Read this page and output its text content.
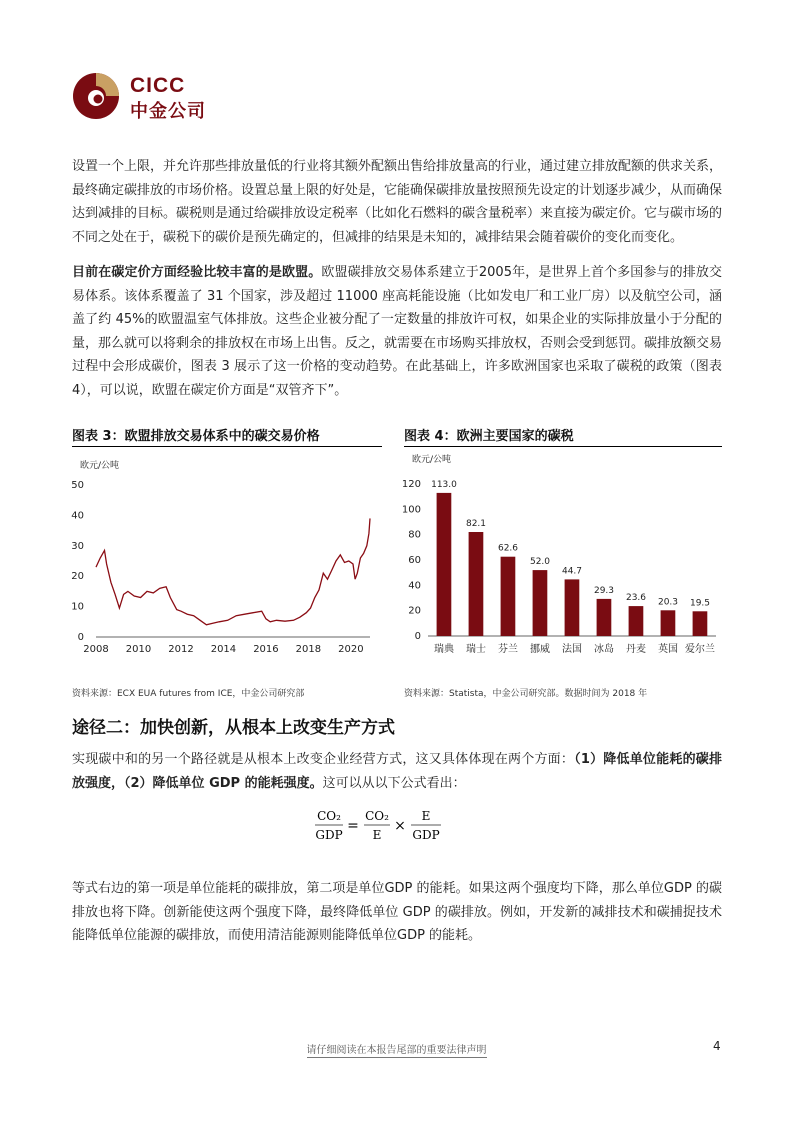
CICC
中金公司

设置一个上限，并允许那些排放量低的行业将其额外配额出售给排放量高的行业，通过建立排放配额的供求关系，最终确定碳排放的市场价格。设置总量上限的好处是，它能确保碳排放量按照预先设定的计划逐步减少，从而确保达到减排的目标。碳税则是通过给碳排放设定税率（比如化石燃料的碳含量税率）来直接为碳定价。它与碳市场的不同之处在于，碳税下的碳价是预先确定的，但减排的结果是未知的，减排结果会随着碳价的变化而变化。

目前在碳定价方面经验比较丰富的是欧盟。欧盟碳排放交易体系建立于2005年，是世界上首个多国参与的排放交易体系。该体系覆盖了 31 个国家，涉及超过 11000 座高耗能设施（比如发电厂和工业厂房）以及航空公司，涵盖了约 45%的欧盟温室气体排放。这些企业被分配了一定数量的排放许可权，如果企业的实际排放量小于分配的量，那么就可以将剩余的排放权在市场上出售。反之，就需要在市场购买排放权，否则会受到惩罚。碳排放额交易过程中会形成碳价，图表 3 展示了这一价格的变动趋势。在此基础上，许多欧洲国家也采取了碳税的政策（图表 4），可以说，欧盟在碳定价方面是“双管齐下”。

图表 3：欧盟排放交易体系中的碳交易价格	图表 4：欧洲主要国家的碳税
欧元/公吨
0
10
20
30
40
50
2008 2010 2012 2014 2016 2018 2020
欧元/公吨
0
20
40
60
80
100
120 113.0
瑞典
82.1
瑞士
62.6
芬兰
52.0
挪威
44.7
法国
29.3
冰岛
23.6
丹麦
20.3
英国
19.5
爱尔兰
资料来源：ECX EUA futures from ICE，中金公司研究部	资料来源：Statista，中金公司研究部。数据时间为 2018 年
途径二：加快创新，从根本上改变生产方式

实现碳中和的另一个路径就是从根本上改变企业经营方式，这又具体体现在两个方面：（1）降低单位能耗的碳排放强度，（2）降低单位 GDP 的能耗强度。这可以从以下公式看出：

CO₂
GDP
=
CO₂
E
×
E
GDP

等式右边的第一项是单位能耗的碳排放，第二项是单位GDP 的能耗。如果这两个强度均下降，那么单位GDP 的碳排放也将下降。创新能使这两个强度下降，最终降低单位 GDP 的碳排放。例如，开发新的减排技术和碳捕捉技术能降低单位能源的碳排放，而使用清洁能源则能降低单位GDP 的能耗。

请仔细阅读在本报告尾部的重要法律声明	4
